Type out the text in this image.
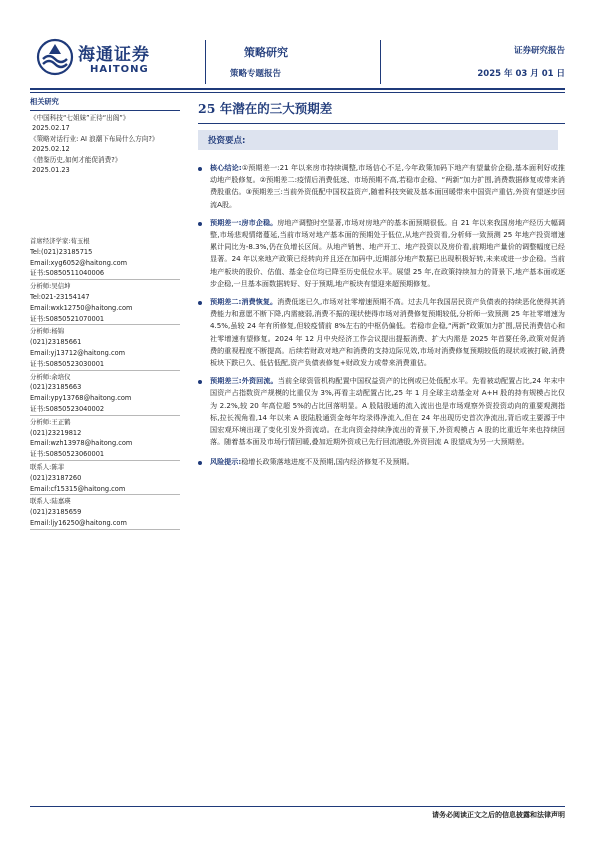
海通证券
HAITONG
策略研究
策略专题报告
证券研究报告
2025 年 03 月 01 日
相关研究
《中国科技“七姐妹”正待“出阁”》
2025.02.17
《策略对话行业: AI 浪潮下布局什么方向?》
2025.02.12
《借鉴历史,如何才能促消费?》
2025.01.23
首席经济学家:荀玉根
Tel:(021)23185715
Email:xyg6052@haitong.com
证书:S0850511040006
分析师:吴信坤
Tel:021-23154147
Email:wxk12750@haitong.com
证书:S0850521070001
分析师:杨锦
(021)23185661
Email:yj13712@haitong.com
证书:S0850523030001
分析师:余培仪
(021)23185663
Email:ypy13768@haitong.com
证书:S0850523040002
分析师:王正鹤
(021)23219812
Email:wzh13978@haitong.com
证书:S0850523060001
联系人:陈菲
(021)23187260
Email:cf15315@haitong.com
联系人:陆嘉瑛
(021)23185659
Email:ljy16250@haitong.com
25 年潜在的三大预期差
投资要点:
核心结论:①预期差一:21 年以来房市持续调整,市场信心不足,今年政策加码下地产有望量价企稳,基本面利好或推动地产股修复。②预期差二:疫情后消费低迷、市场预期不高,若稳市企稳、“两新”加力扩围,消费数据修复或带来消费股重估。③预期差三:当前外资低配中国权益资产,随着科技突破及基本面回暖带来中国资产重估,外资有望逐步回流A股。
预期差一:房市企稳。房地产调整时空显著,市场对房地产的基本面预期很低。自 21 年以来我国房地产经历大幅调整,市场悲观情绪蔓延,当前市场对地产基本面的预期处于低位,从地产投资看,分析师一致预测 25 年地产投资增速累计同比为-8.3%,仍在负增长区间。从地产销售、地产开工、地产投资以及房价看,前期地产量价的调整幅度已经显著。24 年以来地产政策已经转向并且还在加码中,近期部分地产数据已出现积极好转,未来或进一步企稳。当前地产板块的股价、估值、基金仓位均已降至历史低位水平。展望 25 年,在政策持续加力的背景下,地产基本面或逐步企稳,一旦基本面数据转好、好于预期,地产板块有望迎来超预期修复。
预期差二:消费恢复。消费低迷已久,市场对社零增速预期不高。过去几年我国居民资产负债表的持续恶化使得其消费能力和意愿不断下降,内需疲弱,消费不振的现状使得市场对消费修复预期较低,分析师一致预测 25 年社零增速为 4.5%,虽较 24 年有所修复,但较疫情前 8%左右的中枢仍偏低。若稳市企稳,“两新”政策加力扩围,居民消费信心和社零增速有望修复。2024 年 12 月中央经济工作会议提出提振消费、扩大内需是 2025 年首要任务,政策对促消费的重视程度不断提高。后续若财政对地产和消费的支持边际见效,市场对消费修复预期较低的现状或被打破,消费板块下跌已久、低估低配,资产负债表修复+财政发力或带来消费重估。
预期差三:外资回流。当前全球资管机构配置中国权益资产的比例或已处低配水平。先看被动配置占比,24 年末中国资产占指数资产规模的比重仅为 3%,再看主动配置占比,25 年 1 月全球主动基金对 A+H 股的持有规模占比仅为 2.2%,较 20 年高位超 5%的占比回落明显。A 股陆股通的流入流出也是市场观察外资投资动向的重要观测指标,拉长视角看,14 年以来 A 股陆股通资金每年均录得净流入,但在 24 年出现历史首次净流出,背后或主要源于中国宏观环境出现了变化引发外资流动。在北向资金持续净流出的背景下,外资观模占 A 股的比重近年来也持续回落。随着基本面及市场行情回暖,叠加近期外资或已先行回流港股,外资回流 A 股望成为另一大预期差。
风险提示:稳增长政策落地进度不及预期,国内经济修复不及预期。
请务必阅读正文之后的信息披露和法律声明
